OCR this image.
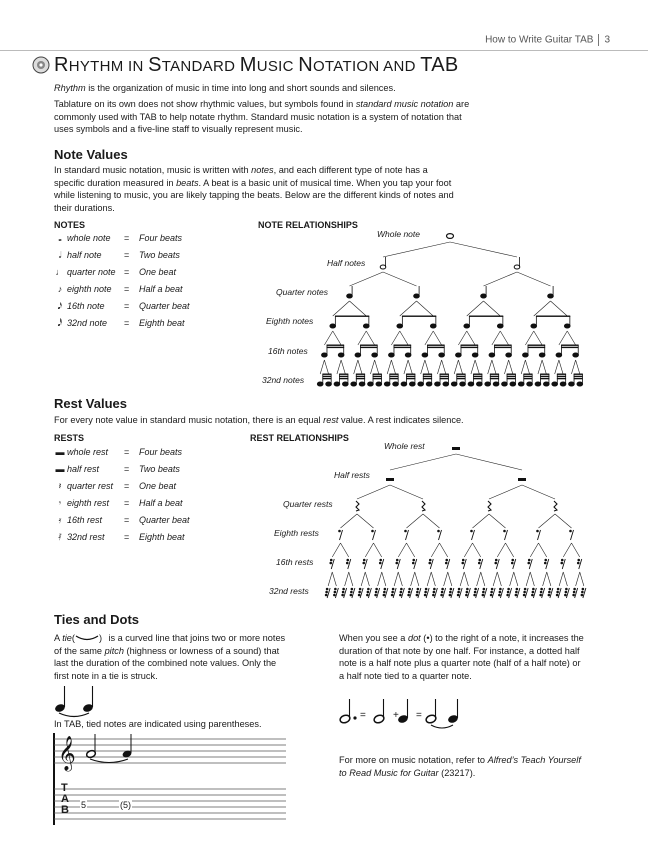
How to Write Guitar TAB 3
RHYTHM IN STANDARD MUSIC NOTATION AND TAB
Rhythm is the organization of music in time into long and short sounds and silences.
Tablature on its own does not show rhythmic values, but symbols found in standard music notation are
commonly used with TAB to help notate rhythm. Standard music notation is a system of notation that
uses symbols and a five-line staff to visually represent music.
Note Values
In standard music notation, music is written with notes, and each different type of note has a
specific duration measured in beats. A beat is a basic unit of musical time. When you tap your foot
while listening to music, you are likely tapping the beats. Below are the different kinds of notes and
their durations.
NOTES	NOTE RELATIONSHIPS
𝅝 whole note = Four beats
𝅗𝅥 half note = Two beats
♩ quarter note = One beat
♪ eighth note = Half a beat
𝅘𝅥𝅯 16th note = Quarter beat
𝅘𝅥𝅰 32nd note = Eighth beat
Whole note
Half notes
Quarter notes
Eighth notes
16th notes
32nd notes
Rest Values
For every note value in standard music notation, there is an equal rest value. A rest indicates silence.
RESTS	REST RELATIONSHIPS
▬ whole rest = Four beats
▬ half rest	= Two beats
𝄽 quarter rest = One beat
𝄾 eighth rest = Half a beat
𝄿 16th rest = Quarter beat
𝅀 32nd rest = Eighth beat
Whole rest
Half rests
Quarter rests
Eighth rests
16th rests
32nd rests
Ties and Dots
A tie(	) is a curved line that joins two or more notes
of the same pitch (highness or lowness of a sound) that
last the duration of the combined note values. Only the
first note in a tie is struck.
In TAB, tied notes are indicated using parentheses.
𝄞
T
A
B 5	(5)
When you see a dot (•) to the right of a note, it increases the
duration of that note by one half. For instance, a dotted half
note is a half note plus a quarter note (half of a half note) or
a half note tied to a quarter note.
=	+ =
For more on music notation, refer to Alfred’s Teach Yourself
to Read Music for Guitar (23217).
